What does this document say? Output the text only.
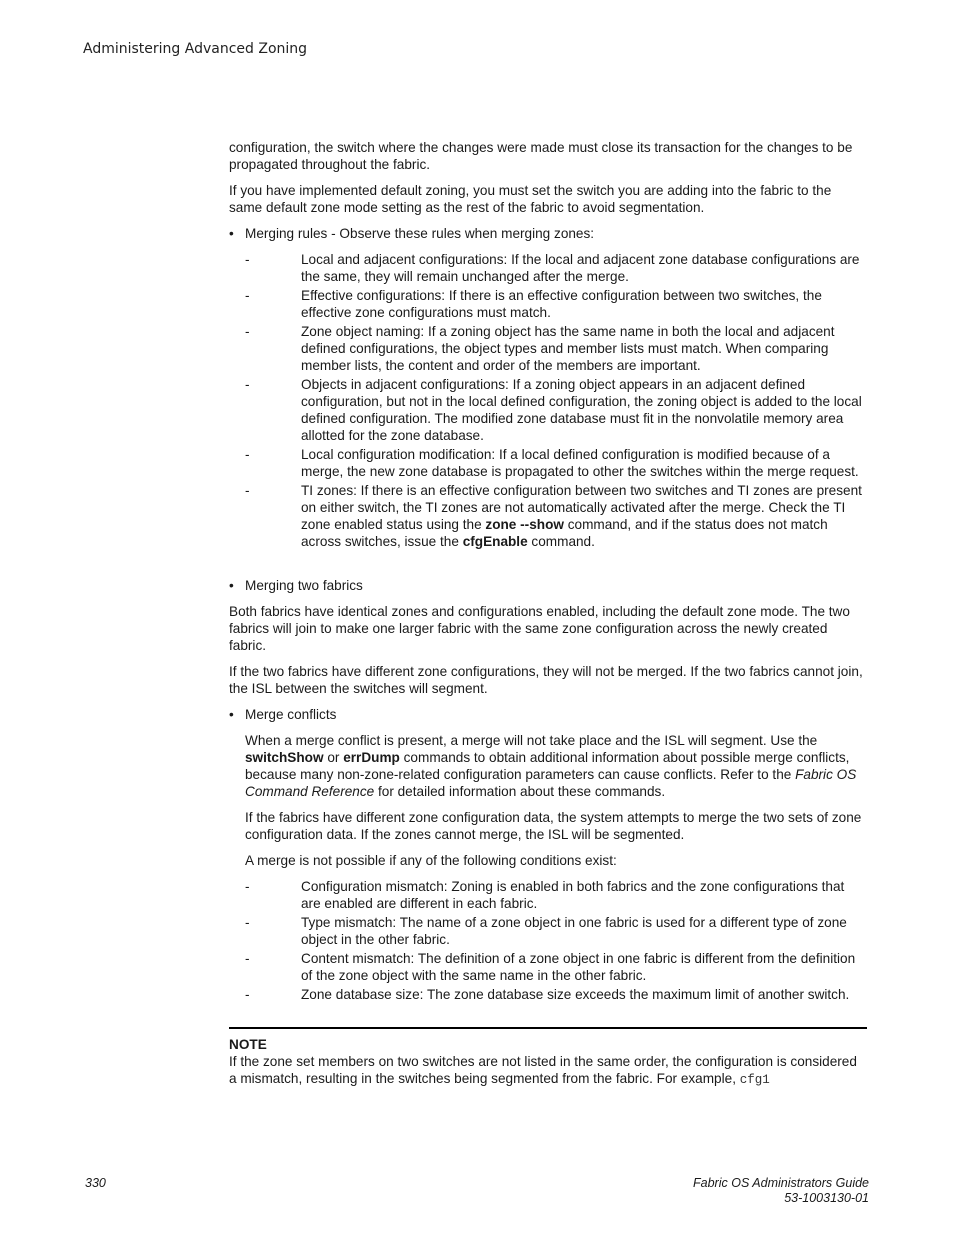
Administering Advanced Zoning

configuration, the switch where the changes were made must close its transaction for the changes to be propagated throughout the fabric.

If you have implemented default zoning, you must set the switch you are adding into the fabric to the same default zone mode setting as the rest of the fabric to avoid segmentation.

• Merging rules - Observe these rules when merging zones:
-	Local and adjacent configurations: If the local and adjacent zone database configurations are the same, they will remain unchanged after the merge.
-	Effective configurations: If there is an effective configuration between two switches, the effective zone configurations must match.
-	Zone object naming: If a zoning object has the same name in both the local and adjacent defined configurations, the object types and member lists must match. When comparing member lists, the content and order of the members are important.
-	Objects in adjacent configurations: If a zoning object appears in an adjacent defined configuration, but not in the local defined configuration, the zoning object is added to the local defined configuration. The modified zone database must fit in the nonvolatile memory area allotted for the zone database.
-	Local configuration modification: If a local defined configuration is modified because of a merge, the new zone database is propagated to other the switches within the merge request.
-	TI zones: If there is an effective configuration between two switches and TI zones are present on either switch, the TI zones are not automatically activated after the merge. Check the TI zone enabled status using the zone --show command, and if the status does not match across switches, issue the cfgEnable command.
• Merging two fabrics

Both fabrics have identical zones and configurations enabled, including the default zone mode. The two fabrics will join to make one larger fabric with the same zone configuration across the newly created fabric.

If the two fabrics have different zone configurations, they will not be merged. If the two fabrics cannot join, the ISL between the switches will segment.

• Merge conflicts

When a merge conflict is present, a merge will not take place and the ISL will segment. Use the switchShow or errDump commands to obtain additional information about possible merge conflicts, because many non-zone-related configuration parameters can cause conflicts. Refer to the Fabric OS Command Reference for detailed information about these commands.

If the fabrics have different zone configuration data, the system attempts to merge the two sets of zone configuration data. If the zones cannot merge, the ISL will be segmented.

A merge is not possible if any of the following conditions exist:

-	Configuration mismatch: Zoning is enabled in both fabrics and the zone configurations that are enabled are different in each fabric.
-	Type mismatch: The name of a zone object in one fabric is used for a different type of zone object in the other fabric.
-	Content mismatch: The definition of a zone object in one fabric is different from the definition of the zone object with the same name in the other fabric.
-	Zone database size: The zone database size exceeds the maximum limit of another switch.

NOTE

If the zone set members on two switches are not listed in the same order, the configuration is considered a mismatch, resulting in the switches being segmented from the fabric. For example, cfg1

330	Fabric OS Administrators Guide
53-1003130-01
